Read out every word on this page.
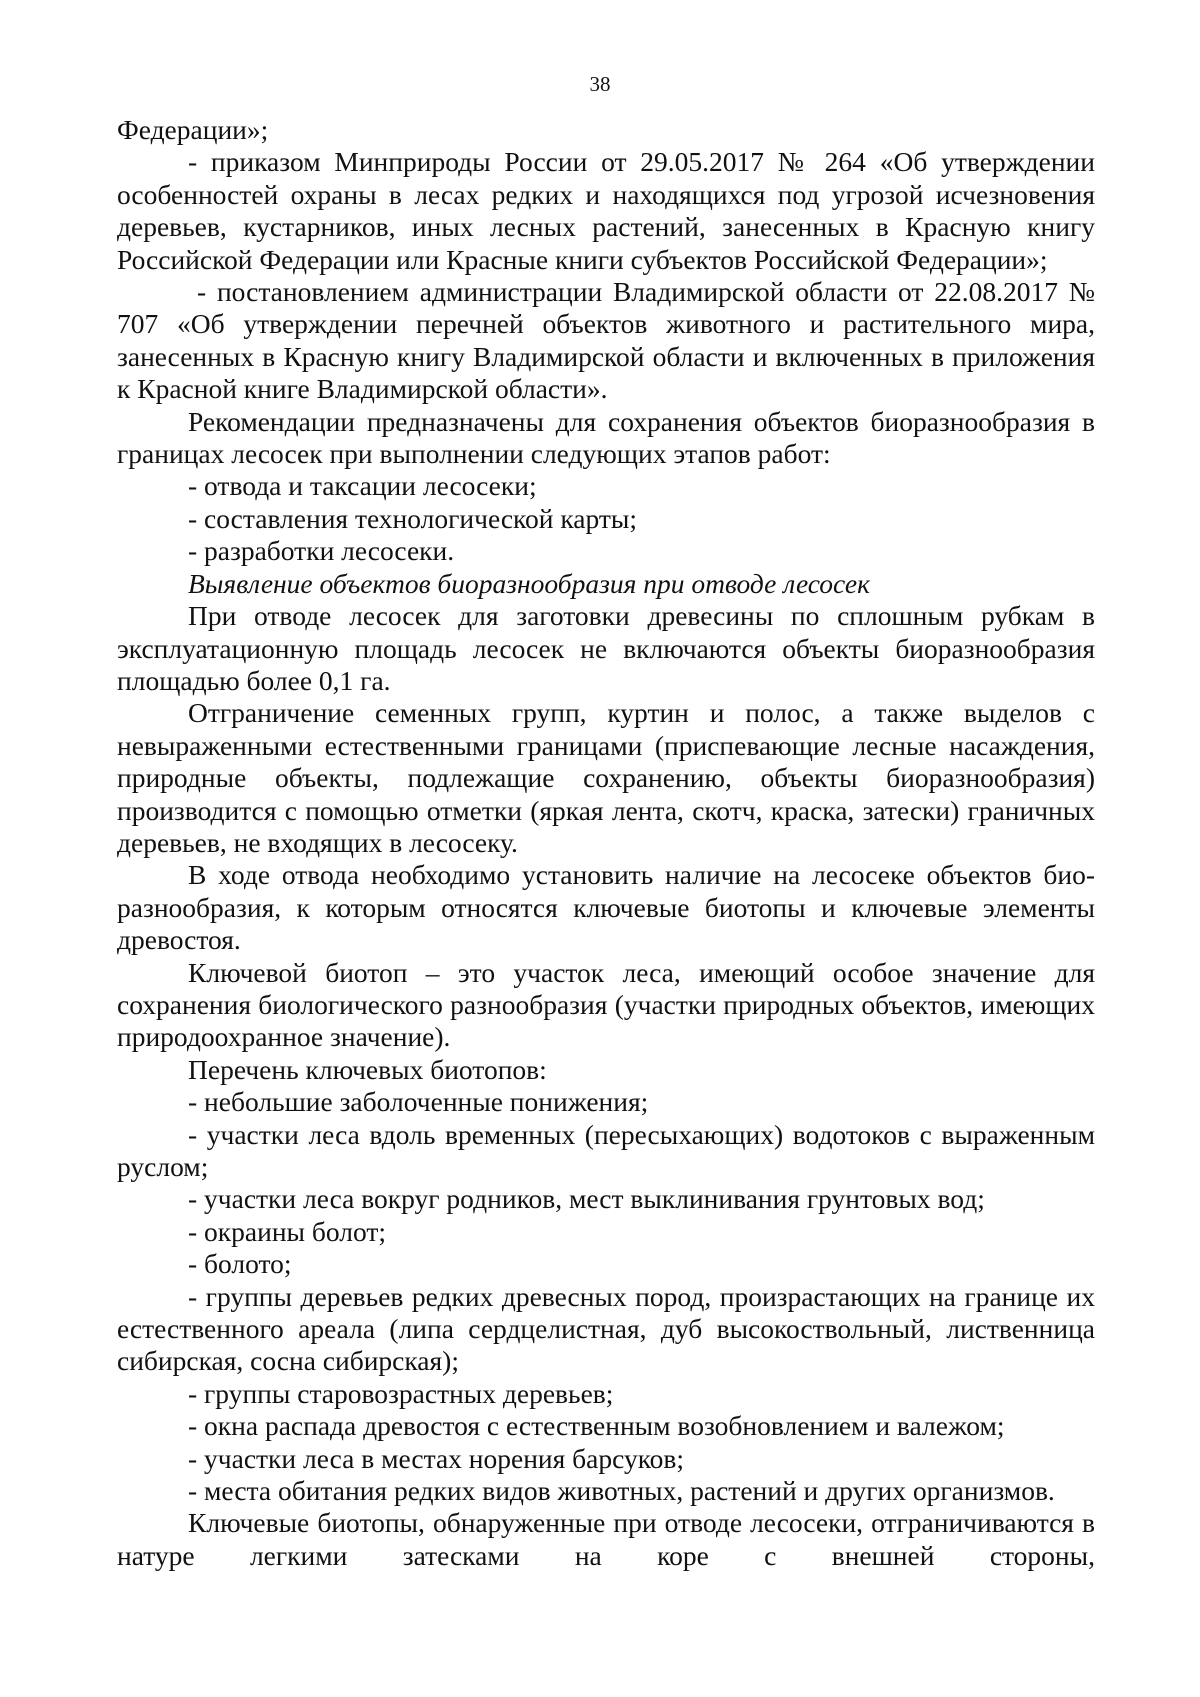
38

Федерации»;

- приказом Минприроды России от 29.05.2017 № 264 «Об утверждении особенностей охраны в лесах редких и находящихся под угрозой исчезновения деревьев, кустарников, иных лесных растений, занесенных в Красную книгу Российской Федерации или Красные книги субъектов Российской Федерации»;

- постановлением администрации Владимирской области от 22.08.2017 № 707 «Об утверждении перечней объектов животного и растительного мира, занесенных в Красную книгу Владимирской области и включенных в приложения к Красной книге Владимирской области».

Рекомендации предназначены для сохранения объектов биоразнообразия в границах лесосек при выполнении следующих этапов работ:

- отвода и таксации лесосеки;

- составления технологической карты;

- разработки лесосеки.

Выявление объектов биоразнообразия при отводе лесосек

При отводе лесосек для заготовки древесины по сплошным рубкам в эксплуатационную площадь лесосек не включаются объекты биоразнообразия площадью более 0,1 га.

Отграничение семенных групп, куртин и полос, а также выделов с невыраженными естественными границами (приспевающие лесные насаждения, природные объекты, подлежащие сохранению, объекты биоразнообразия) производится с помощью отметки (яркая лента, скотч, краска, затески) граничных деревьев, не входящих в лесосеку.

В ходе отвода необходимо установить наличие на лесосеке объектов био-разнообразия, к которым относятся ключевые биотопы и ключевые элементы древостоя.

Ключевой биотоп – это участок леса, имеющий особое значение для сохранения биологического разнообразия (участки природных объектов, имеющих природоохранное значение).

Перечень ключевых биотопов:

- небольшие заболоченные понижения;

- участки леса вдоль временных (пересыхающих) водотоков с выраженным руслом;

- участки леса вокруг родников, мест выклинивания грунтовых вод;

- окраины болот;

- болото;

- группы деревьев редких древесных пород, произрастающих на границе их естественного ареала (липа сердцелистная, дуб высокоствольный, лиственница сибирская, сосна сибирская);

- группы старовозрастных деревьев;

- окна распада древостоя с естественным возобновлением и валежом;

- участки леса в местах норения барсуков;

- места обитания редких видов животных, растений и других организмов.

Ключевые биотопы, обнаруженные при отводе лесосеки, отграничиваются в натуре легкими затесками на коре с внешней стороны,
